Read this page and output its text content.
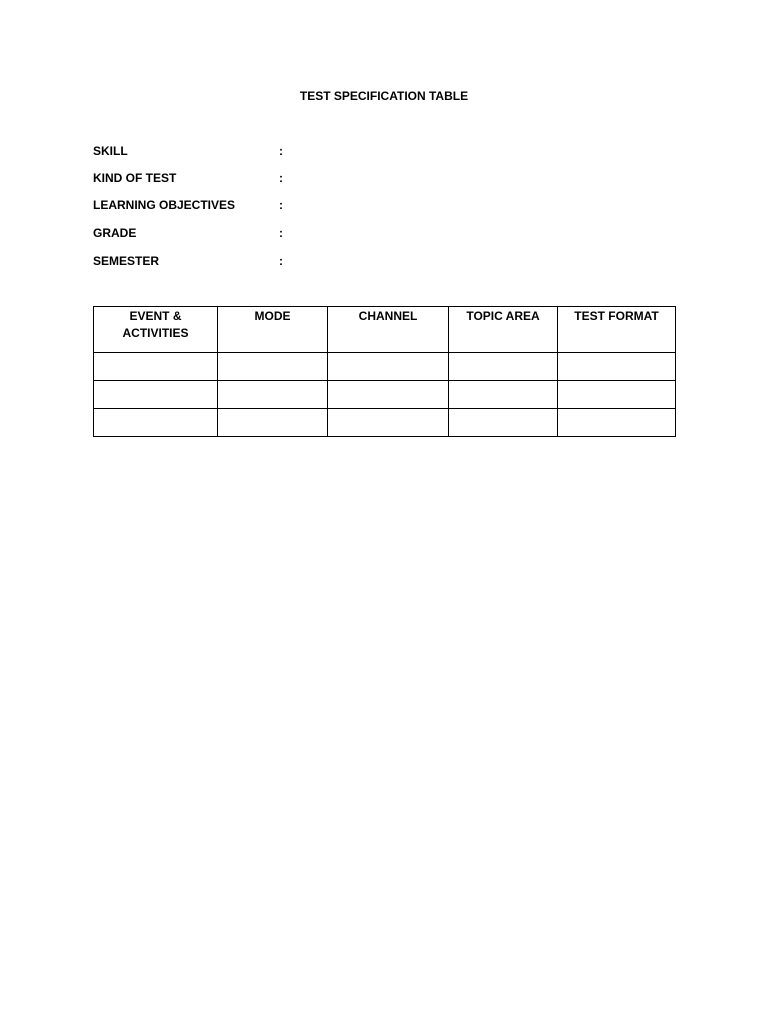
TEST SPECIFICATION TABLE
SKILL	:
KIND OF TEST	:
LEARNING OBJECTIVES	:
GRADE	:
SEMESTER	:
EVENT & ACTIVITIES	MODE	CHANNEL	TOPIC AREA	TEST FORMAT
